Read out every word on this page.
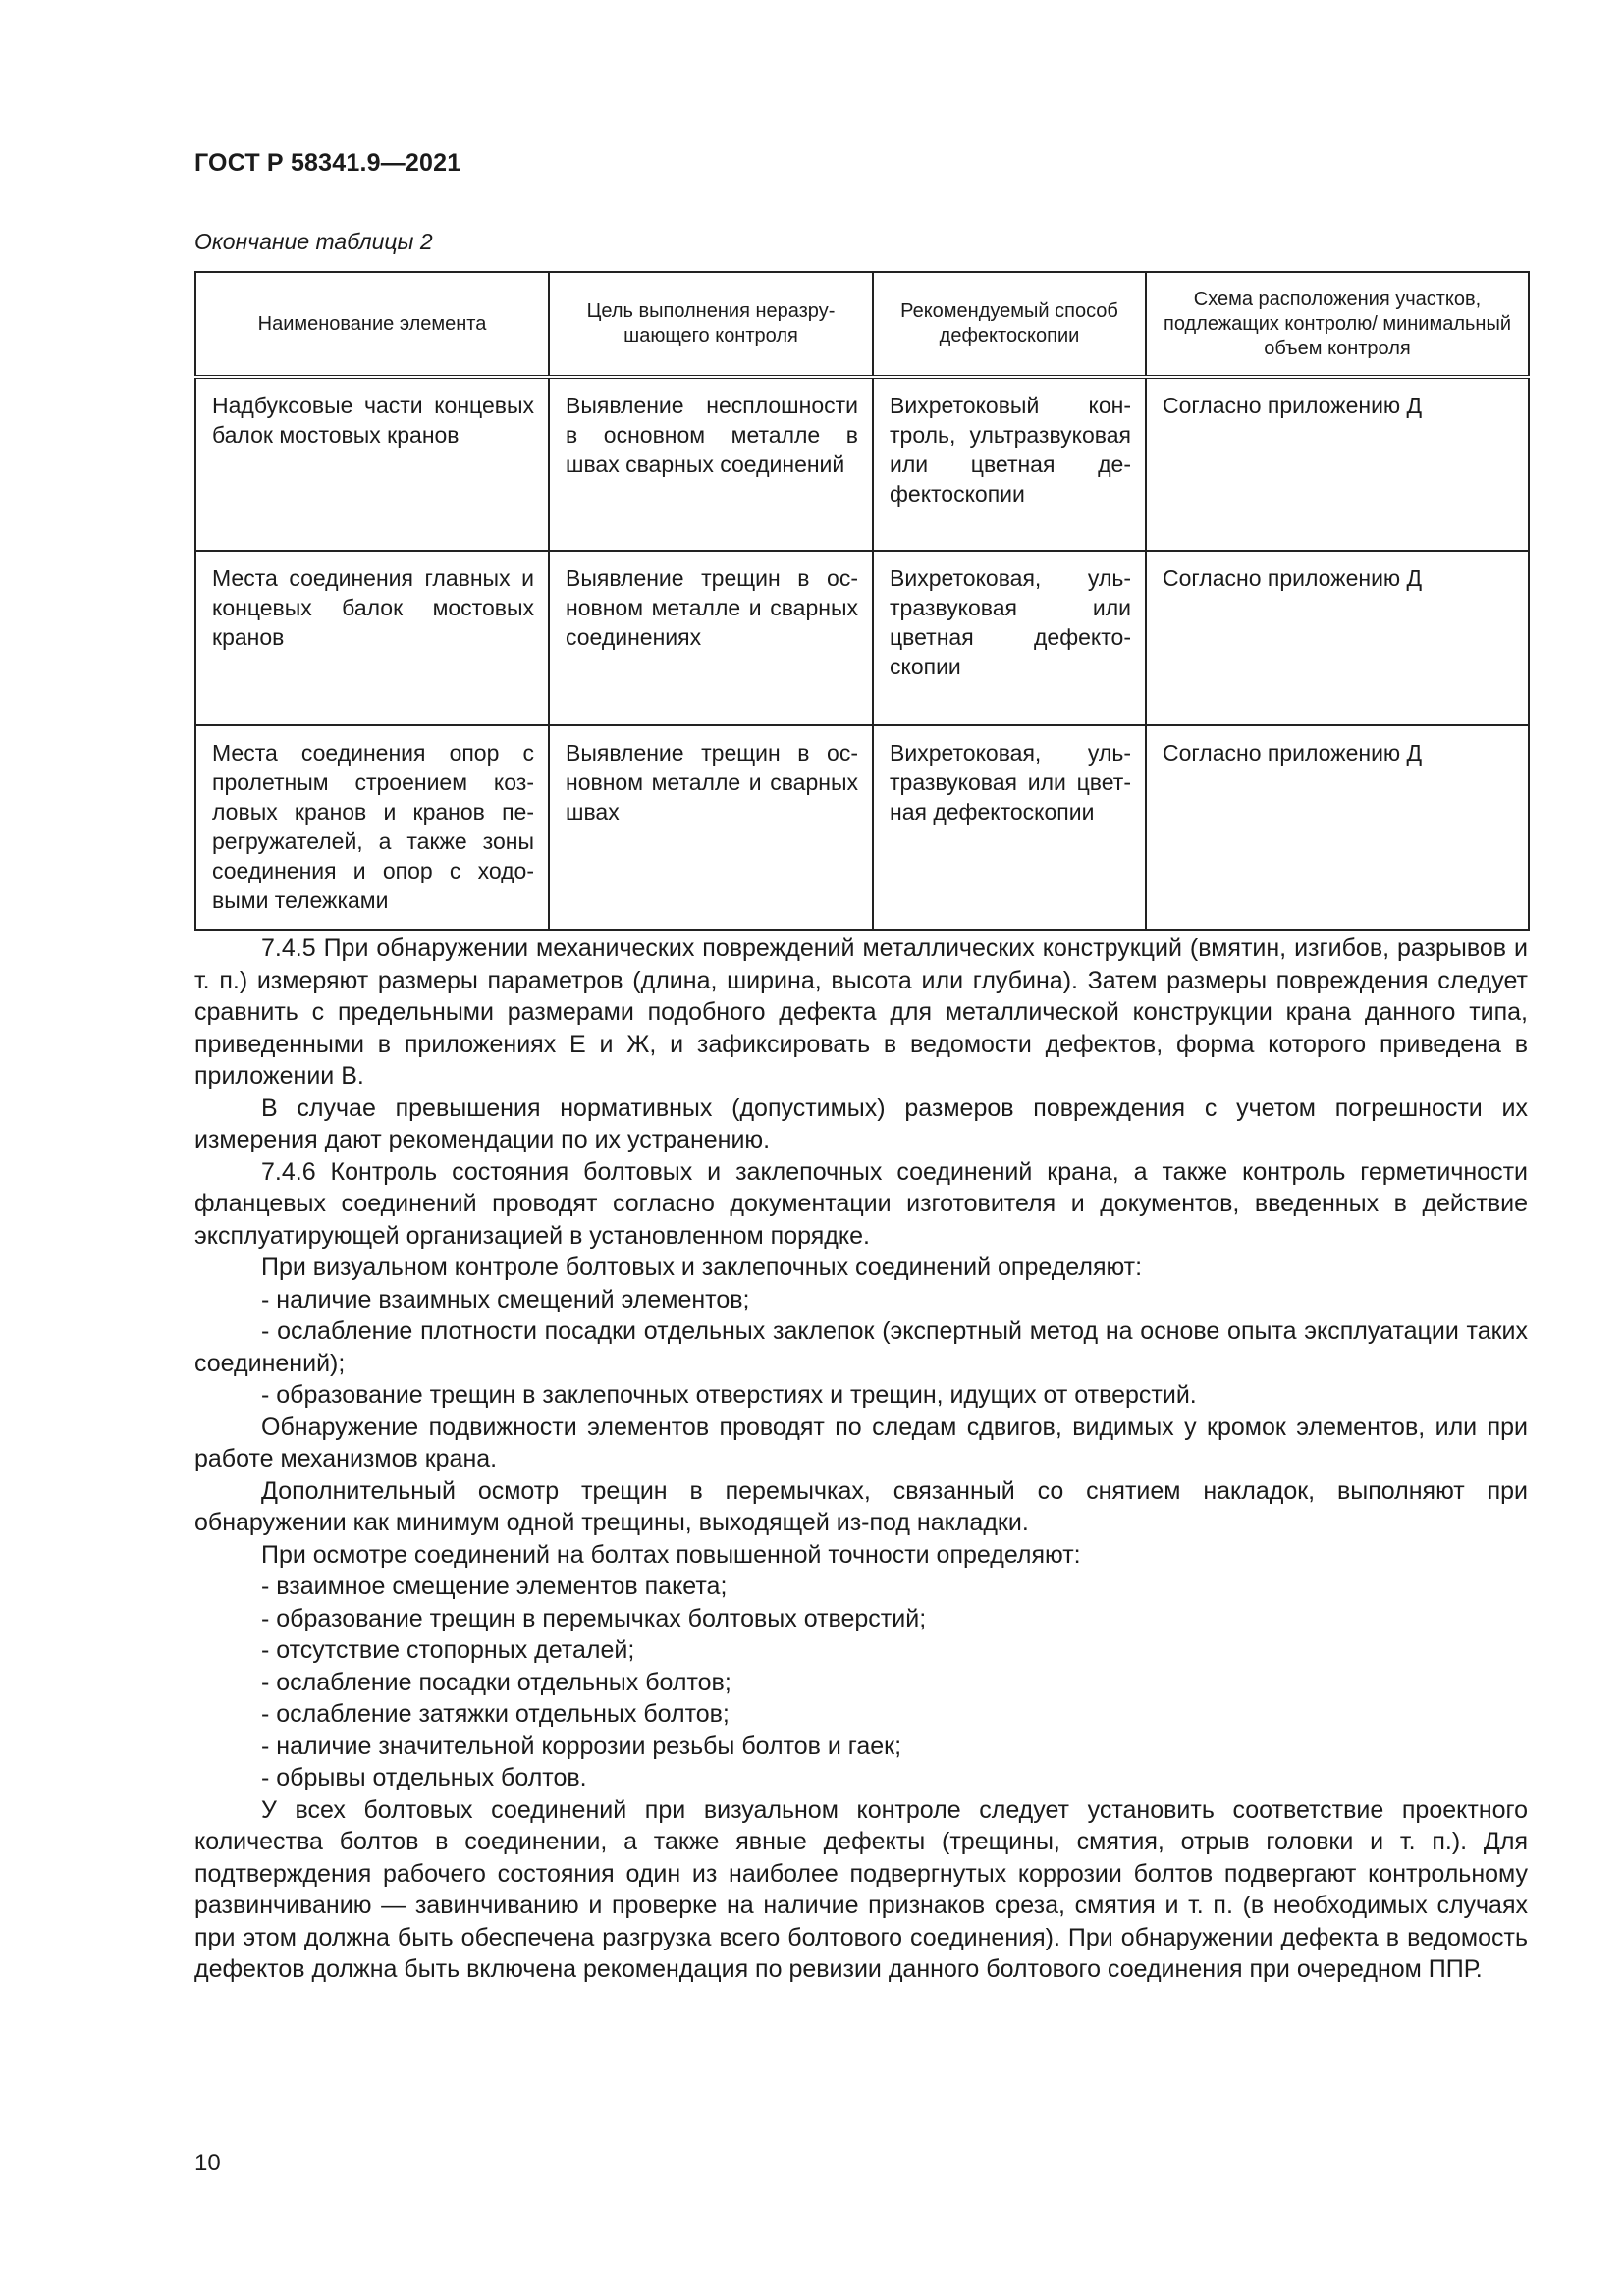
ГОСТ Р 58341.9—2021
Окончание таблицы 2
Наименование элемента	Цель выполнения неразрушающего контроля	Рекомендуемый способ дефектоскопии	Схема расположения участков, подлежащих контролю/ минимальный объем контроля
Надбуксовые части концевых балок мостовых кранов	Выявление несплошности в основном металле в швах сварных соединений	Вихретоковый контроль, ультразвуковая или цветная дефектоскопии	Согласно приложению Д
Места соединения главных и концевых балок мостовых кранов	Выявление трещин в основном металле и сварных соединениях	Вихретоковая, ультразвуковая или цветная дефектоскопии	Согласно приложению Д
Места соединения опор с пролетным строением козловых кранов и кранов перегружателей, а также зоны соединения и опор с ходовыми тележками	Выявление трещин в основном металле и сварных швах	Вихретоковая, ультразвуковая или цветная дефектоскопии	Согласно приложению Д

7.4.5 При обнаружении механических повреждений металлических конструкций (вмятин, изгибов, разрывов и т. п.) измеряют размеры параметров (длина, ширина, высота или глубина). Затем размеры повреждения следует сравнить с предельными размерами подобного дефекта для металлической конструкции крана данного типа, приведенными в приложениях Е и Ж, и зафиксировать в ведомости дефектов, форма которого приведена в приложении В.

В случае превышения нормативных (допустимых) размеров повреждения с учетом погрешности их измерения дают рекомендации по их устранению.

7.4.6 Контроль состояния болтовых и заклепочных соединений крана, а также контроль герметичности фланцевых соединений проводят согласно документации изготовителя и документов, введенных в действие эксплуатирующей организацией в установленном порядке.

При визуальном контроле болтовых и заклепочных соединений определяют:

- наличие взаимных смещений элементов;

- ослабление плотности посадки отдельных заклепок (экспертный метод на основе опыта эксплуатации таких соединений);

- образование трещин в заклепочных отверстиях и трещин, идущих от отверстий.

Обнаружение подвижности элементов проводят по следам сдвигов, видимых у кромок элементов, или при работе механизмов крана.

Дополнительный осмотр трещин в перемычках, связанный со снятием накладок, выполняют при обнаружении как минимум одной трещины, выходящей из-под накладки.

При осмотре соединений на болтах повышенной точности определяют:

- взаимное смещение элементов пакета;

- образование трещин в перемычках болтовых отверстий;

- отсутствие стопорных деталей;

- ослабление посадки отдельных болтов;

- ослабление затяжки отдельных болтов;

- наличие значительной коррозии резьбы болтов и гаек;

- обрывы отдельных болтов.

У всех болтовых соединений при визуальном контроле следует установить соответствие проектного количества болтов в соединении, а также явные дефекты (трещины, смятия, отрыв головки и т. п.). Для подтверждения рабочего состояния один из наиболее подвергнутых коррозии болтов подвергают контрольному развинчиванию — завинчиванию и проверке на наличие признаков среза, смятия и т. п. (в необходимых случаях при этом должна быть обеспечена разгрузка всего болтового соединения). При обнаружении дефекта в ведомость дефектов должна быть включена рекомендация по ревизии данного болтового соединения при очередном ППР.

10
